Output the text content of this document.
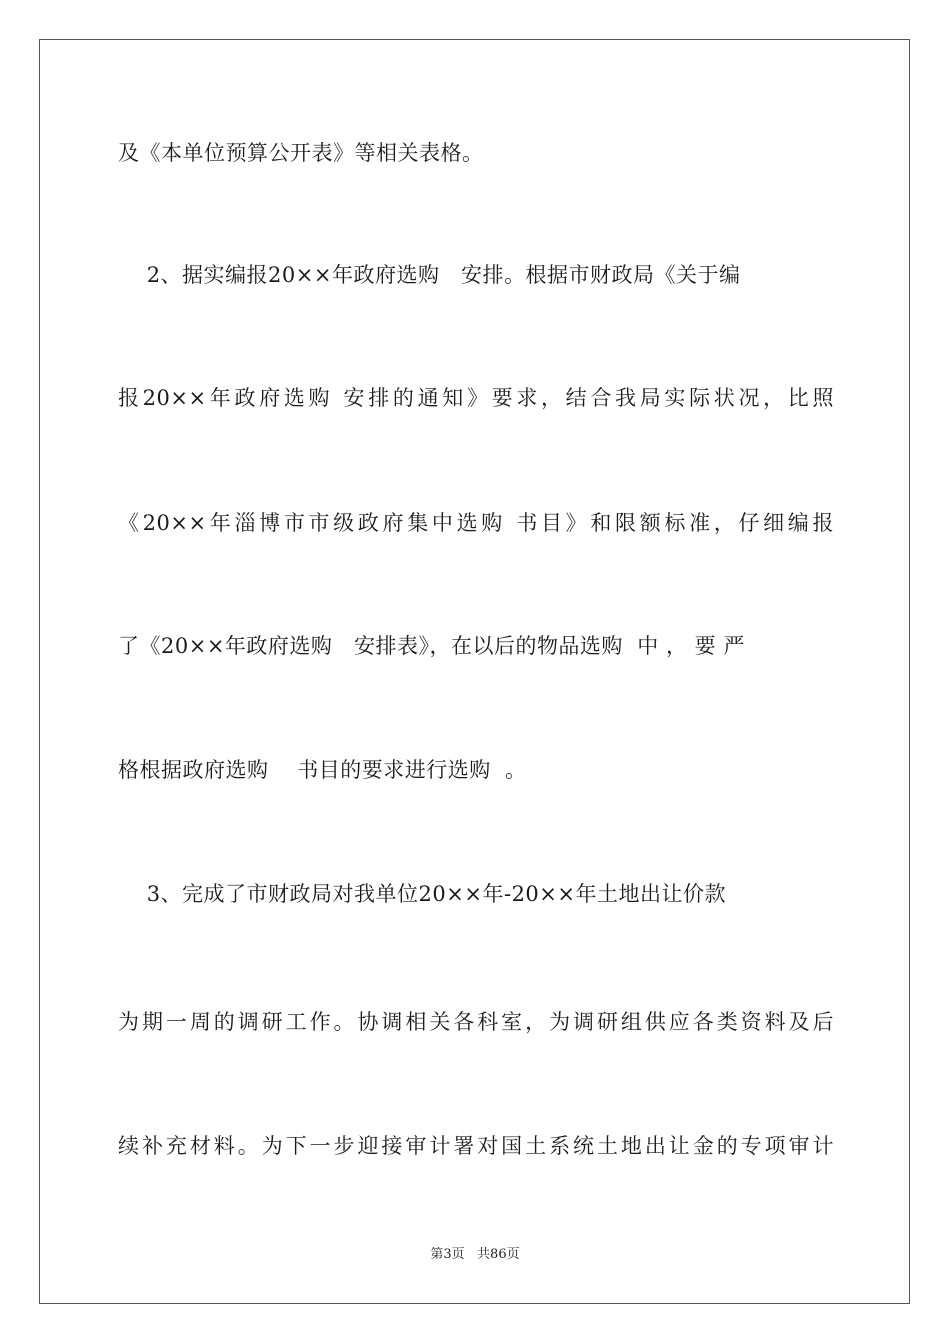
及《本单位预算公开表》等相关表格。
2、据实编报20××年政府选购   安排。根据市财政局《关于编
报20××年政府选购 安排的通知》要求，结合我局实际状况，比照
《20××年淄博市市级政府集中选购 书目》和限额标准，仔细编报
了《20××年政府选购   安排表》，在以后的物品选购  中 ， 要 严
格根据政府选购    书目的要求进行选购  。
3、完成了市财政局对我单位20××年-20××年土地出让价款
为期一周的调研工作。协调相关各科室，为调研组供应各类资料及后
续补充材料。为下一步迎接审计署对国土系统土地出让金的专项审计
第3页   共86页
